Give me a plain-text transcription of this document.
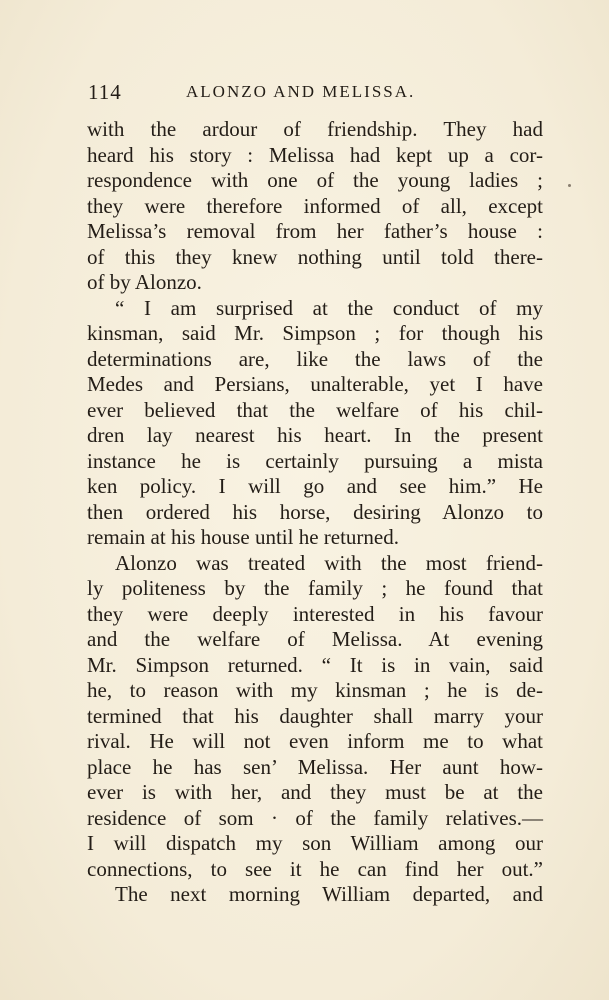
114	ALONZO AND MELISSA.
with the ardour of friendship. They had
heard his story : Melissa had kept up a cor-
respondence with one of the young ladies ;
they were therefore informed of all, except
Melissa’s removal from her father’s house :
of this they knew nothing until told there-
of by Alonzo.
“ I am surprised at the conduct of my
kinsman, said Mr. Simpson ; for though his
determinations are, like the laws of the
Medes and Persians, unalterable, yet I have
ever believed that the welfare of his chil-
dren lay nearest his heart. In the present
instance he is certainly pursuing a mista
ken policy. I will go and see him.” He
then ordered his horse, desiring Alonzo to
remain at his house until he returned.
Alonzo was treated with the most friend-
ly politeness by the family ; he found that
they were deeply interested in his favour
and the welfare of Melissa. At evening
Mr. Simpson returned. “ It is in vain, said
he, to reason with my kinsman ; he is de-
termined that his daughter shall marry your
rival. He will not even inform me to what
place he has sen’ Melissa. Her aunt how-
ever is with her, and they must be at the
residence of som · of the family relatives.—
I will dispatch my son William among our
connections, to see it he can find her out.”
The next morning William departed, and
